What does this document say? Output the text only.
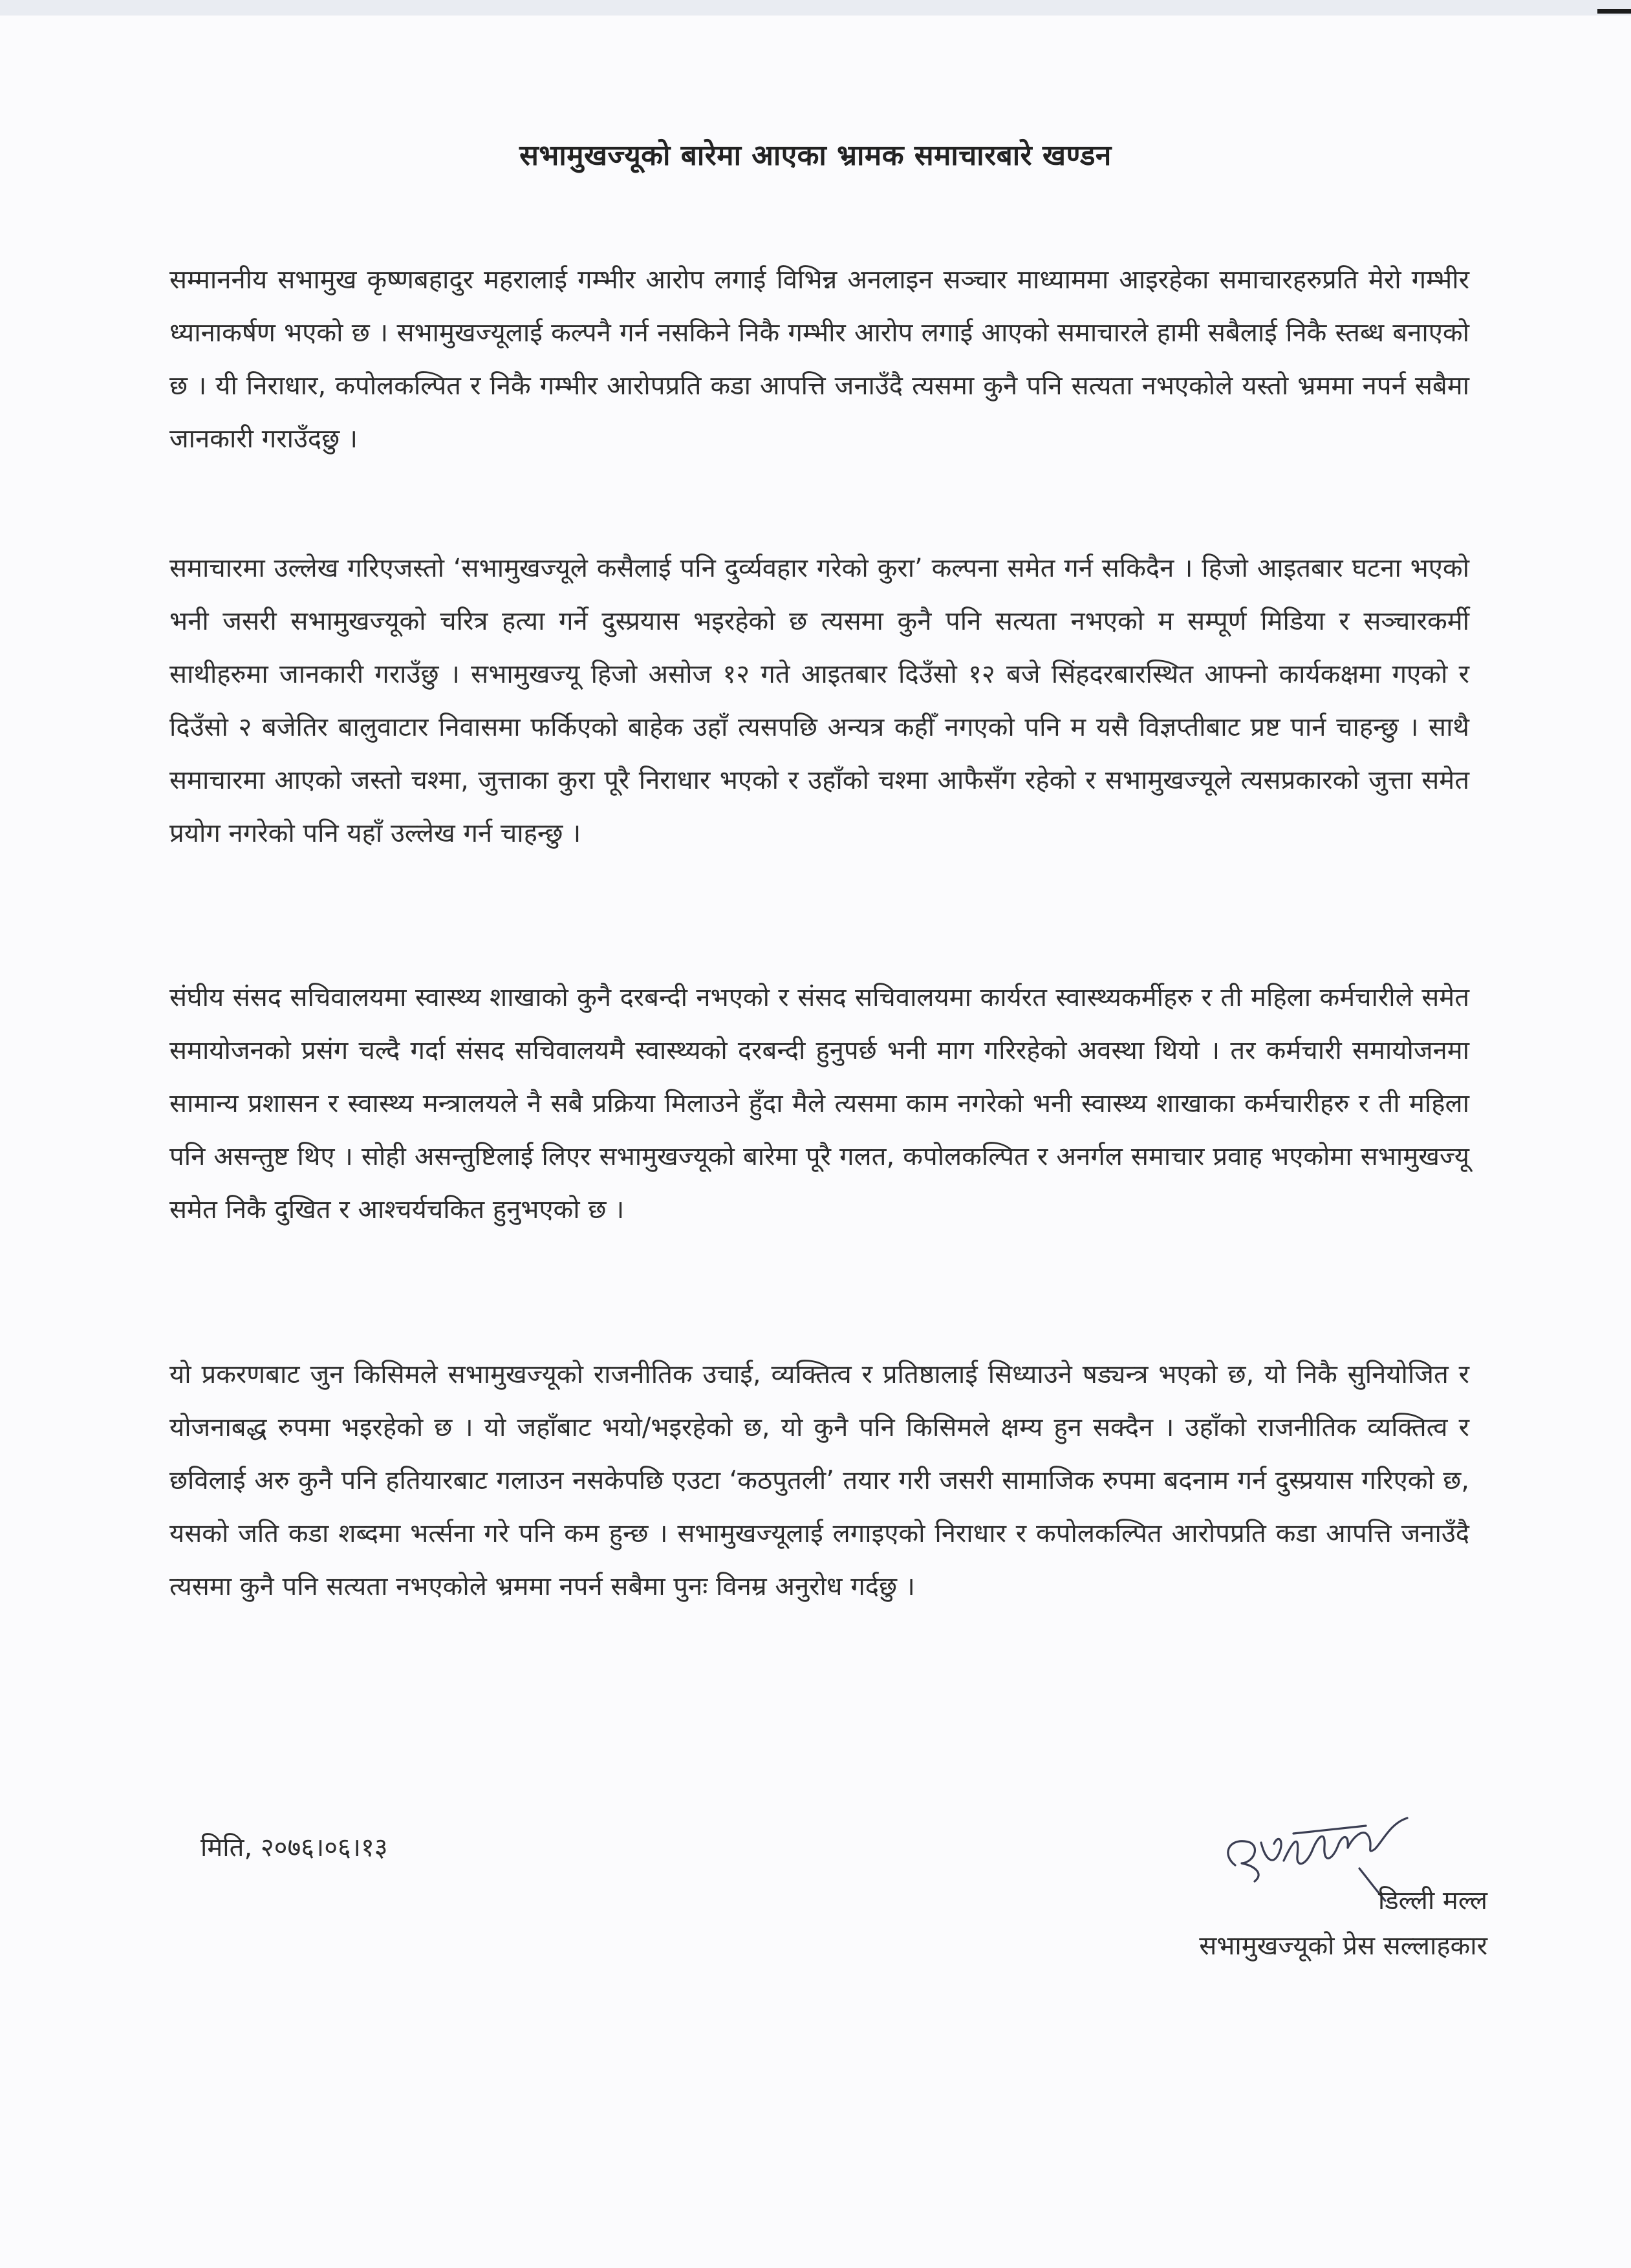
सभामुखज्यूको बारेमा आएका भ्रामक समाचारबारे खण्डन

सम्माननीय सभामुख कृष्णबहादुर महरालाई गम्भीर आरोप लगाई विभिन्न अनलाइन सञ्चार माध्याममा आइरहेका समाचारहरुप्रति मेरो गम्भीर ध्यानाकर्षण भएको छ । सभामुखज्यूलाई कल्पनै गर्न नसकिने निकै गम्भीर आरोप लगाई आएको समाचारले हामी सबैलाई निकै स्तब्ध बनाएको छ । यी निराधार, कपोलकल्पित र निकै गम्भीर आरोपप्रति कडा आपत्ति जनाउँदै त्यसमा कुनै पनि सत्यता नभएकोले यस्तो भ्रममा नपर्न सबैमा जानकारी गराउँदछु ।

समाचारमा उल्लेख गरिएजस्तो ‘सभामुखज्यूले कसैलाई पनि दुर्व्यवहार गरेको कुरा’ कल्पना समेत गर्न सकिदैन । हिजो आइतबार घटना भएको भनी जसरी सभामुखज्यूको चरित्र हत्या गर्ने दुस्प्रयास भइरहेको छ त्यसमा कुनै पनि सत्यता नभएको म सम्पूर्ण मिडिया र सञ्चारकर्मी साथीहरुमा जानकारी गराउँछु । सभामुखज्यू हिजो असोज १२ गते आइतबार दिउँसो १२ बजे सिंहदरबारस्थित आफ्नो कार्यकक्षमा गएको र दिउँसो २ बजेतिर बालुवाटार निवासमा फर्किएको बाहेक उहाँ त्यसपछि अन्यत्र कहीँ नगएको पनि म यसै विज्ञप्तीबाट प्रष्ट पार्न चाहन्छु । साथै समाचारमा आएको जस्तो चश्मा, जुत्ताका कुरा पूरै निराधार भएको र उहाँको चश्मा आफैसँग रहेको र सभामुखज्यूले त्यसप्रकारको जुत्ता समेत प्रयोग नगरेको पनि यहाँ उल्लेख गर्न चाहन्छु ।

संघीय संसद सचिवालयमा स्वास्थ्य शाखाको कुनै दरबन्दी नभएको र संसद सचिवालयमा कार्यरत स्वास्थ्यकर्मीहरु र ती महिला कर्मचारीले समेत समायोजनको प्रसंग चल्दै गर्दा संसद सचिवालयमै स्वास्थ्यको दरबन्दी हुनुपर्छ भनी माग गरिरहेको अवस्था थियो । तर कर्मचारी समायोजनमा सामान्य प्रशासन र स्वास्थ्य मन्त्रालयले नै सबै प्रक्रिया मिलाउने हुँदा मैले त्यसमा काम नगरेको भनी स्वास्थ्य शाखाका कर्मचारीहरु र ती महिला पनि असन्तुष्ट थिए । सोही असन्तुष्टिलाई लिएर सभामुखज्यूको बारेमा पूरै गलत, कपोलकल्पित र अनर्गल समाचार प्रवाह भएकोमा सभामुखज्यू समेत निकै दुखित र आश्चर्यचकित हुनुभएको छ ।

यो प्रकरणबाट जुन किसिमले सभामुखज्यूको राजनीतिक उचाई, व्यक्तित्व र प्रतिष्ठालाई सिध्याउने षड्यन्त्र भएको छ, यो निकै सुनियोजित र योजनाबद्ध रुपमा भइरहेको छ । यो जहाँबाट भयो/भइरहेको छ, यो कुनै पनि किसिमले क्षम्य हुन सक्दैन । उहाँको राजनीतिक व्यक्तित्व र छविलाई अरु कुनै पनि हतियारबाट गलाउन नसकेपछि एउटा ‘कठपुतली’ तयार गरी जसरी सामाजिक रुपमा बदनाम गर्न दुस्प्रयास गरिएको छ, यसको जति कडा शब्दमा भर्त्सना गरे पनि कम हुन्छ । सभामुखज्यूलाई लगाइएको निराधार र कपोलकल्पित आरोपप्रति कडा आपत्ति जनाउँदै त्यसमा कुनै पनि सत्यता नभएकोले भ्रममा नपर्न सबैमा पुनः विनम्र अनुरोध गर्दछु ।

मिति, २०७६।०६।१३
डिल्ली मल्ल
सभामुखज्यूको प्रेस सल्लाहकार
